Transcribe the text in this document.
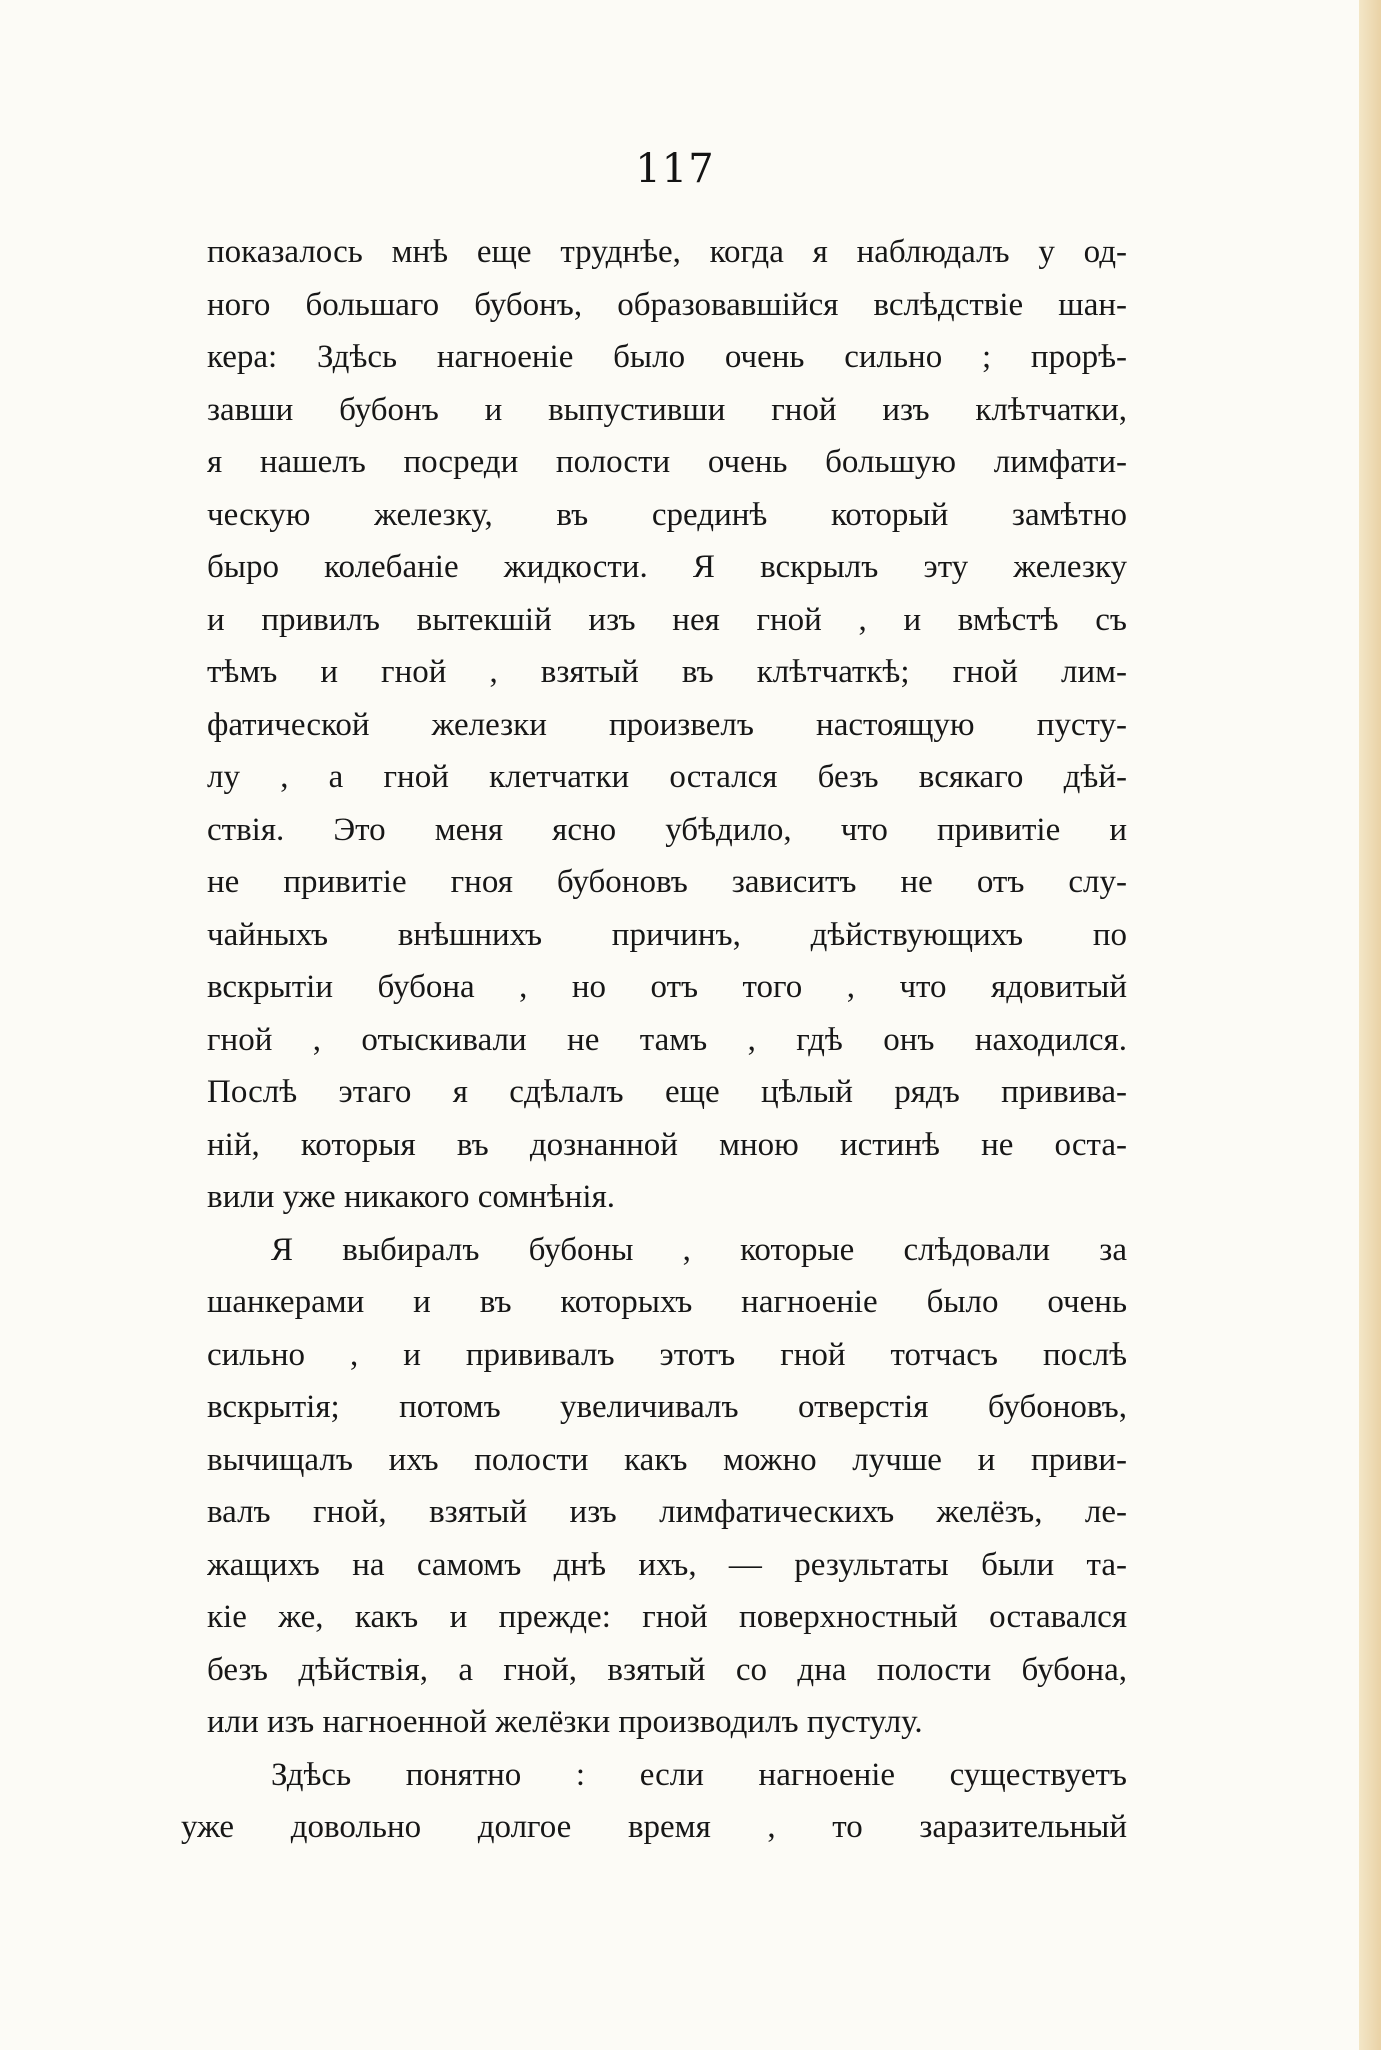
117
показалось мнѣ еще труднѣе, когда я наблюдалъ у од-
ного большаго бубонъ, образовавшійся вслѣдствіе шан-
кера: Здѣсь нагноеніе было очень сильно ; прорѣ-
завши бубонъ и выпустивши гной изъ клѣтчатки,
я нашелъ посреди полости очень большую лимфати-
ческую железку, въ срединѣ который замѣтно
быро колебаніе жидкости. Я вскрылъ эту железку
и привилъ вытекшій изъ нея гной , и вмѣстѣ съ
тѣмъ и гной , взятый въ клѣтчаткѣ; гной лим-
фатической железки произвелъ настоящую пусту-
лу , а гной клетчатки остался безъ всякаго дѣй-
ствія. Это меня ясно убѣдило, что привитіе и
не привитіе гноя бубоновъ зависитъ не отъ слу-
чайныхъ внѣшнихъ причинъ, дѣйствующихъ по
вскрытіи бубона , но отъ того , что ядовитый
гной , отыскивали не тамъ , гдѣ онъ находился.
Послѣ этаго я сдѣлалъ еще цѣлый рядъ привива-
ній, которыя въ дознанной мною истинѣ не оста-
вили уже никакого сомнѣнія.
Я выбиралъ бубоны , которые слѣдовали за
шанкерами и въ которыхъ нагноеніе было очень
сильно , и прививалъ этотъ гной тотчасъ послѣ
вскрытія; потомъ увеличивалъ отверстія бубоновъ,
вычищалъ ихъ полости какъ можно лучше и приви-
валъ гной, взятый изъ лимфатическихъ желёзъ, ле-
жащихъ на самомъ днѣ ихъ, — результаты были та-
кіе же, какъ и прежде: гной поверхностный оставался
безъ дѣйствія, а гной, взятый со дна полости бубона,
или изъ нагноенной желёзки производилъ пустулу.
Здѣсь понятно : если нагноеніе существуетъ
уже довольно долгое время , то заразительный
